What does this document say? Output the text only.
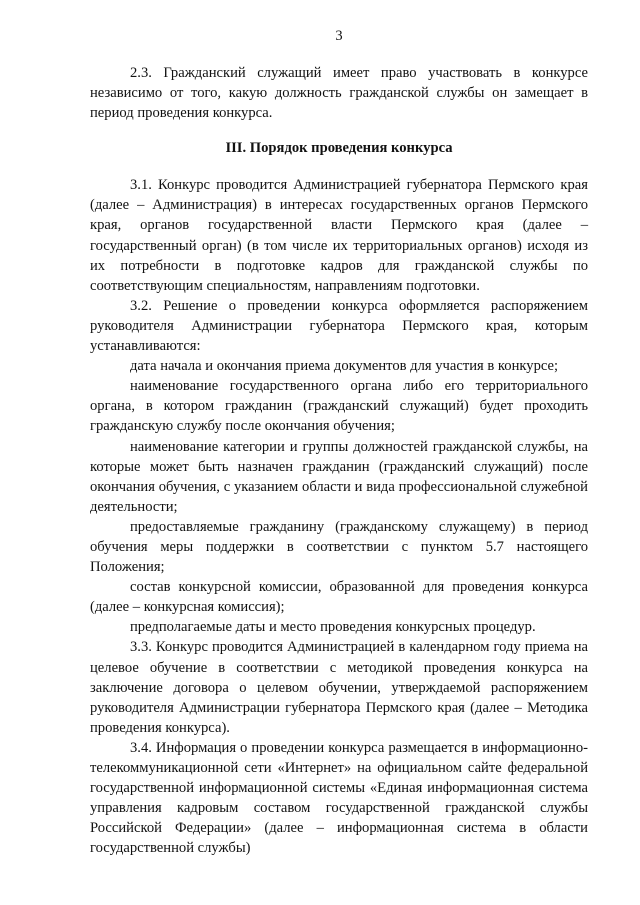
3

2.3. Гражданский служащий имеет право участвовать в конкурсе независимо от того, какую должность гражданской службы он замещает в период проведения конкурса.

III. Порядок проведения конкурса

3.1. Конкурс проводится Администрацией губернатора Пермского края (далее – Администрация) в интересах государственных органов Пермского края, органов государственной власти Пермского края (далее – государственный орган) (в том числе их территориальных органов) исходя из их потребности в подготовке кадров для гражданской службы по соответствующим специальностям, направлениям подготовки.

3.2. Решение о проведении конкурса оформляется распоряжением руководителя Администрации губернатора Пермского края, которым устанавливаются:

дата начала и окончания приема документов для участия в конкурсе;

наименование государственного органа либо его территориального органа, в котором гражданин (гражданский служащий) будет проходить гражданскую службу после окончания обучения;

наименование категории и группы должностей гражданской службы, на которые может быть назначен гражданин (гражданский служащий) после окончания обучения, с указанием области и вида профессиональной служебной деятельности;

предоставляемые гражданину (гражданскому служащему) в период обучения меры поддержки в соответствии с пунктом 5.7 настоящего Положения;

состав конкурсной комиссии, образованной для проведения конкурса (далее – конкурсная комиссия);

предполагаемые даты и место проведения конкурсных процедур.

3.3. Конкурс проводится Администрацией в календарном году приема на целевое обучение в соответствии с методикой проведения конкурса на заключение договора о целевом обучении, утверждаемой распоряжением руководителя Администрации губернатора Пермского края (далее – Методика проведения конкурса).

3.4. Информация о проведении конкурса размещается в информационно-телекоммуникационной сети «Интернет» на официальном сайте федеральной государственной информационной системы «Единая информационная система управления кадровым составом государственной гражданской службы Российской Федерации» (далее – информационная система в области государственной службы)
